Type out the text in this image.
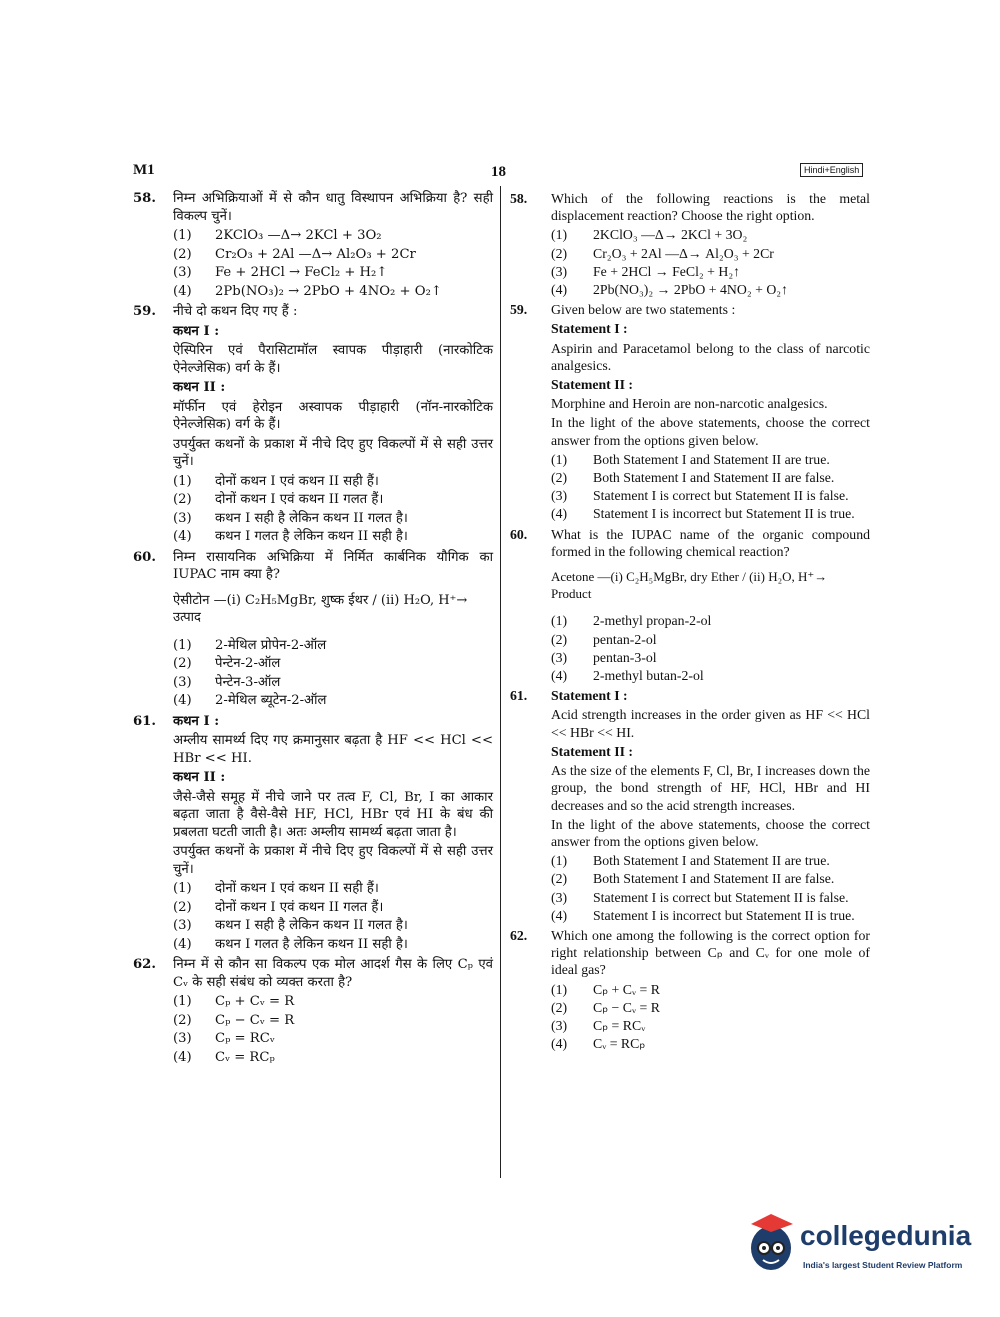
M1	18	Hindi+English
58. निम्न अभिक्रियाओं में से कौन धातु विस्थापन अभिक्रिया है? सही विकल्प चुनें।

(1)	2KClO₃ —Δ→ 2KCl + 3O₂
(2)	Cr₂O₃ + 2Al —Δ→ Al₂O₃ + 2Cr
(3)	Fe + 2HCl → FeCl₂ + H₂↑
(4)	2Pb(NO₃)₂ → 2PbO + 4NO₂ + O₂↑
59. नीचे दो कथन दिए गए हैं :

कथन I :

ऐस्पिरिन एवं पैरासिटामॉल स्वापक पीड़ाहारी (नारकोटिक ऐनेल्जेसिक) वर्ग के हैं।

कथन II :

मॉर्फीन एवं हेरोइन अस्वापक पीड़ाहारी (नॉन-नारकोटिक ऐनेल्जेसिक) वर्ग के हैं।

उपर्युक्त कथनों के प्रकाश में नीचे दिए हुए विकल्पों में से सही उत्तर चुनें।

(1)	दोनों कथन I एवं कथन II सही हैं।
(2)	दोनों कथन I एवं कथन II गलत हैं।
(3)	कथन I सही है लेकिन कथन II गलत है।
(4)	कथन I गलत है लेकिन कथन II सही है।
60. निम्न रासायनिक अभिक्रिया में निर्मित कार्बनिक यौगिक का IUPAC नाम क्या है?

ऐसीटोन —(i) C₂H₅MgBr, शुष्क ईथर / (ii) H₂O, H⁺→ उत्पाद

(1)	2-मेथिल प्रोपेन-2-ऑल
(2)	पेन्टेन-2-ऑल
(3)	पेन्टेन-3-ऑल
(4)	2-मेथिल ब्यूटेन-2-ऑल
61. कथन I :

अम्लीय सामर्थ्य दिए गए क्रमानुसार बढ़ता है HF << HCl << HBr << HI.

कथन II :

जैसे-जैसे समूह में नीचे जाने पर तत्व F, Cl, Br, I का आकार बढ़ता जाता है वैसे-वैसे HF, HCl, HBr एवं HI के बंध की प्रबलता घटती जाती है। अतः अम्लीय सामर्थ्य बढ़ता जाता है।

उपर्युक्त कथनों के प्रकाश में नीचे दिए हुए विकल्पों में से सही उत्तर चुनें।

(1)	दोनों कथन I एवं कथन II सही हैं।
(2)	दोनों कथन I एवं कथन II गलत हैं।
(3)	कथन I सही है लेकिन कथन II गलत है।
(4)	कथन I गलत है लेकिन कथन II सही है।
62. निम्न में से कौन सा विकल्प एक मोल आदर्श गैस के लिए Cₚ एवं Cᵥ के सही संबंध को व्यक्त करता है?

(1)	Cₚ + Cᵥ = R
(2)	Cₚ − Cᵥ = R
(3)	Cₚ = RCᵥ
(4)	Cᵥ = RCₚ
58. Which of the following reactions is the metal displacement reaction? Choose the right option.

(1)	2KClO₃ —Δ→ 2KCl + 3O₂
(2)	Cr₂O₃ + 2Al —Δ→ Al₂O₃ + 2Cr
(3)	Fe + 2HCl → FeCl₂ + H₂↑
(4)	2Pb(NO₃)₂ → 2PbO + 4NO₂ + O₂↑
59. Given below are two statements :

Statement I :

Aspirin and Paracetamol belong to the class of narcotic analgesics.

Statement II :

Morphine and Heroin are non-narcotic analgesics.

In the light of the above statements, choose the correct answer from the options given below.

(1)	Both Statement I and Statement II are true.
(2)	Both Statement I and Statement II are false.
(3)	Statement I is correct but Statement II is false.
(4)	Statement I is incorrect but Statement II is true.
60. What is the IUPAC name of the organic compound formed in the following chemical reaction?

Acetone —(i) C₂H₅MgBr, dry Ether / (ii) H₂O, H⁺→ Product

(1)	2-methyl propan-2-ol
(2)	pentan-2-ol
(3)	pentan-3-ol
(4)	2-methyl butan-2-ol
61. Statement I :

Acid strength increases in the order given as HF << HCl << HBr << HI.

Statement II :

As the size of the elements F, Cl, Br, I increases down the group, the bond strength of HF, HCl, HBr and HI decreases and so the acid strength increases.

In the light of the above statements, choose the correct answer from the options given below.

(1)	Both Statement I and Statement II are true.
(2)	Both Statement I and Statement II are false.
(3)	Statement I is correct but Statement II is false.
(4)	Statement I is incorrect but Statement II is true.
62. Which one among the following is the correct option for right relationship between Cₚ and Cᵥ for one mole of ideal gas?

(1)	Cₚ + Cᵥ = R
(2)	Cₚ − Cᵥ = R
(3)	Cₚ = RCᵥ
(4)	Cᵥ = RCₚ
collegedunia
India's largest Student Review Platform
